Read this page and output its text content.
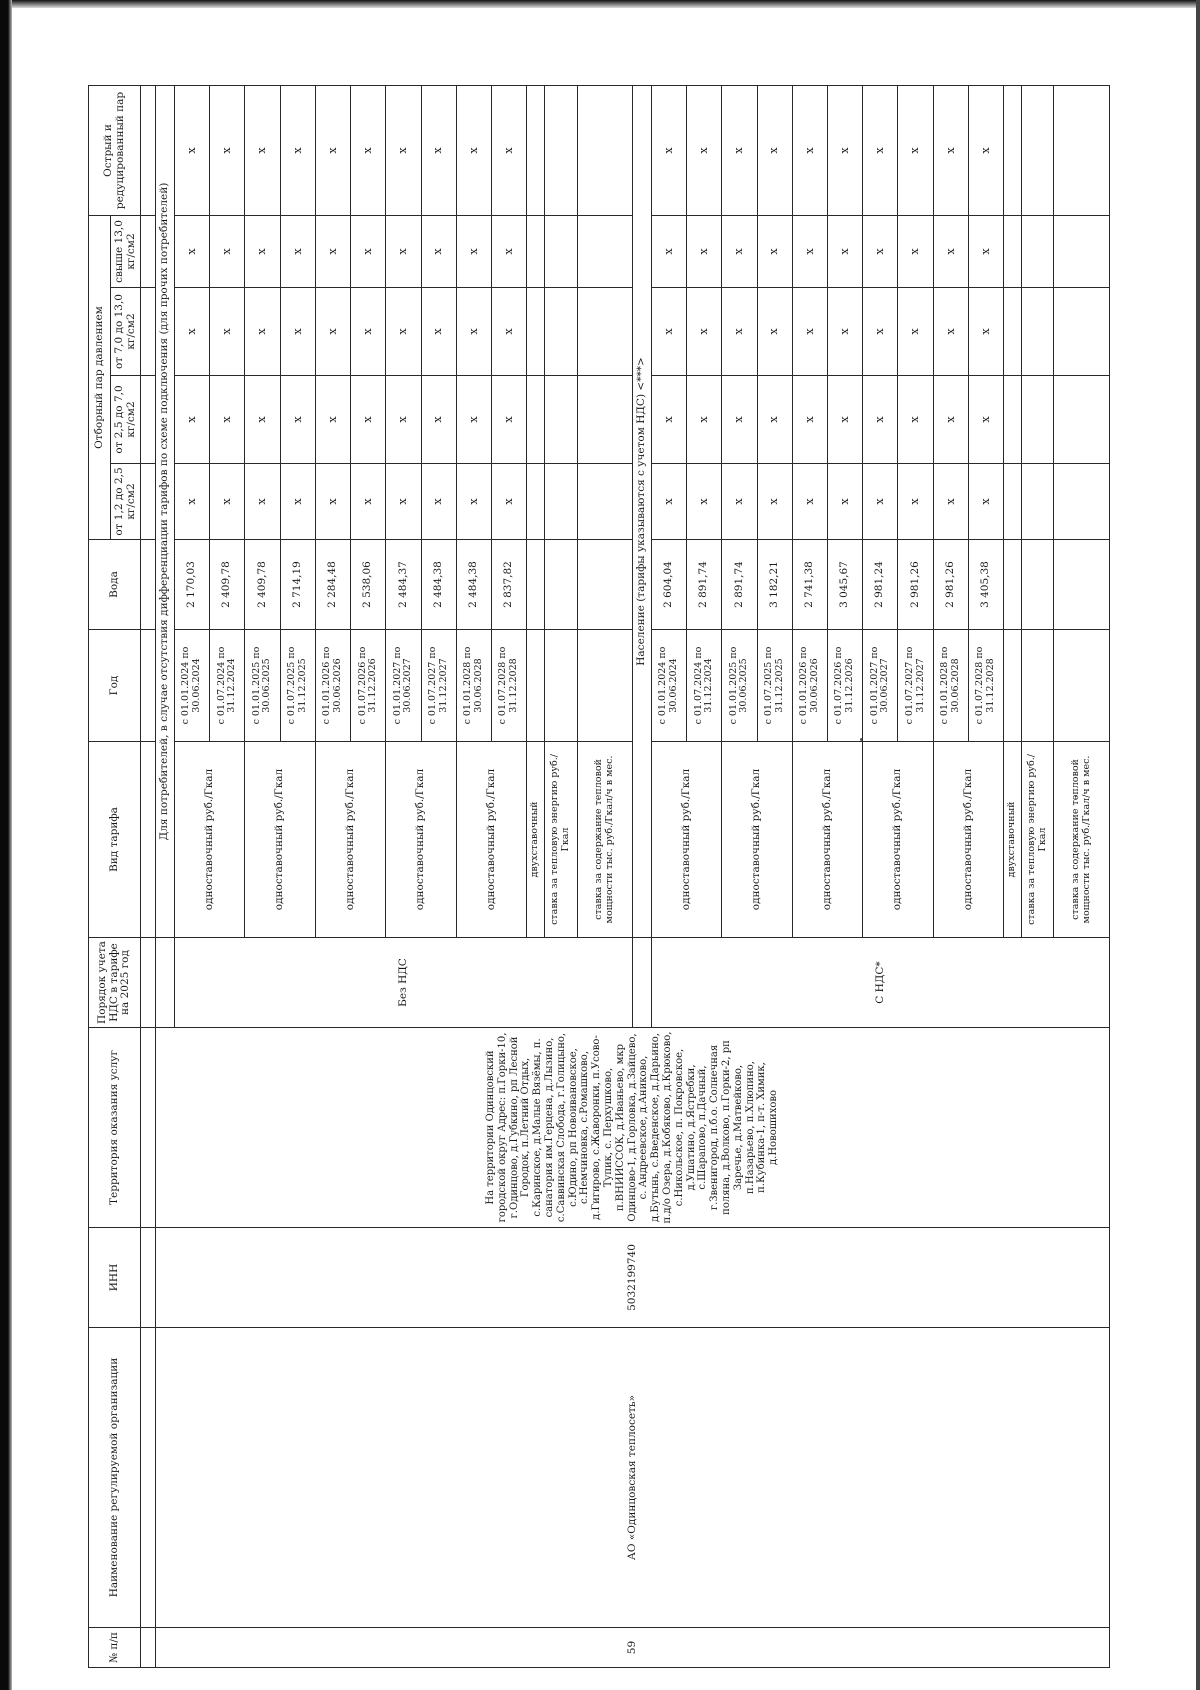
№ п/п	Наименование регулируемой организации	ИНН	Территория оказания услуг	Порядок учета НДС в тарифе на 2025 год	Вид тарифа	Год	Вода	Отборный пар давлением				Острый и редуцированный пар
								от 1,2 до 2,5 кг/см2	от 2,5 до 7,0 кг/см2	от 7,0 до 13,0 кг/см2	свыше 13,0 кг/см2	

59	АО «Одинцовская теплосеть»	5032199740	На территории Одинцовский городской округ Адрес: п.Горки-10, г.Одинцово, д.Губкино, рп Лесной Городок, п.Летний Отдых, с.Каринское, д.Малые Вязёмы, п. санатория им.Герцена, д.Лызино, с.Саввинская Слобода, г.Голицыно, с.Юдино, рп Новоивановское, с.Немчиновка, с.Ромашково, д.Гигирово, с.Жаворонки, п.Усово-Тупик, с. Перхушково, п.ВНИИССОК, д.Иваньево, мкр Одинцово-1, д.Горловка, д.Зайцево, с. Андреевское, д.Аниково, д.Бутынь, с.Введенское, д.Дарьино, п.д/о Озера, д.Кобяково, д.Крюково, с.Никольское, п. Покровское, д.Ушатино, д.Ястребки, с.Шарапово, п.Дачный, г.Звенигород, п.б.о. Солнечная поляна, д.Волково, п.Горки-2, рп Заречье, д.Матвейково, п.Назарьево, п.Хлюпино, п.Кубинка-1, п-т. Химик, д.Новошихово		Для потребителей, в случае отсутствия дифференциации тарифов по схеме подключения (для прочих потребителей)							
				Без НДС	одноставочный руб./Гкал	с 01.01.2024 по 30.06.2024	2 170,03	x	x	x	x	x
						с 01.07.2024 по 31.12.2024	2 409,78	x	x	x	x	x
					одноставочный руб./Гкал	с 01.01.2025 по 30.06.2025	2 409,78	x	x	x	x	x
						с 01.07.2025 по 31.12.2025	2 714,19	x	x	x	x	x
					одноставочный руб./Гкал	с 01.01.2026 по 30.06.2026	2 284,48	x	x	x	x	x
						с 01.07.2026 по 31.12.2026	2 538,06	x	x	x	x	x
					одноставочный руб./Гкал	с 01.01.2027 по 30.06.2027	2 484,37	x	x	x	x	x
						с 01.07.2027 по 31.12.2027	2 484,38	x	x	x	x	x
					одноставочный руб./Гкал	с 01.01.2028 по 30.06.2028	2 484,38	x	x	x	x	x
						с 01.07.2028 по 31.12.2028	2 837,82	x	x	x	x	x
					двухставочный							
					ставка за тепловую энергию руб./Гкал							
					ставка за содержание тепловой мощности тыс. руб./Гкал/ч в мес.							
					Население (тарифы указываются с учетом НДС) <***>							
				С НДС*	одноставочный руб./Гкал	с 01.01.2024 по 30.06.2024	2 604,04	x	x	x	x	x
						с 01.07.2024 по 31.12.2024	2 891,74	x	x	x	x	x
					одноставочный руб./Гкал	с 01.01.2025 по 30.06.2025	2 891,74	x	x	x	x	x
						с 01.07.2025 по 31.12.2025	3 182,21	x	x	x	x	x
					одноставочный руб./Гкал	с 01.01.2026 по 30.06.2026	2 741,38	x	x	x	x	x
						с 01.07.2026 по 31.12.2026	3 045,67	x	x	x	x	x
					одноставочный руб./Гкал	с 01.01.2027 по 30.06.2027	2 981,24	x	x	x	x	x
						с 01.07.2027 по 31.12.2027	2 981,26	x	x	x	x	x
					одноставочный руб./Гкал	с 01.01.2028 по 30.06.2028	2 981,26	x	x	x	x	x
						с 01.07.2028 по 31.12.2028	3 405,38	x	x	x	x	x
					двухставочный							
					ставка за тепловую энергию руб./Гкал							
					ставка за содержание тепловой мощности тыс. руб./Гкал/ч в мес.							
